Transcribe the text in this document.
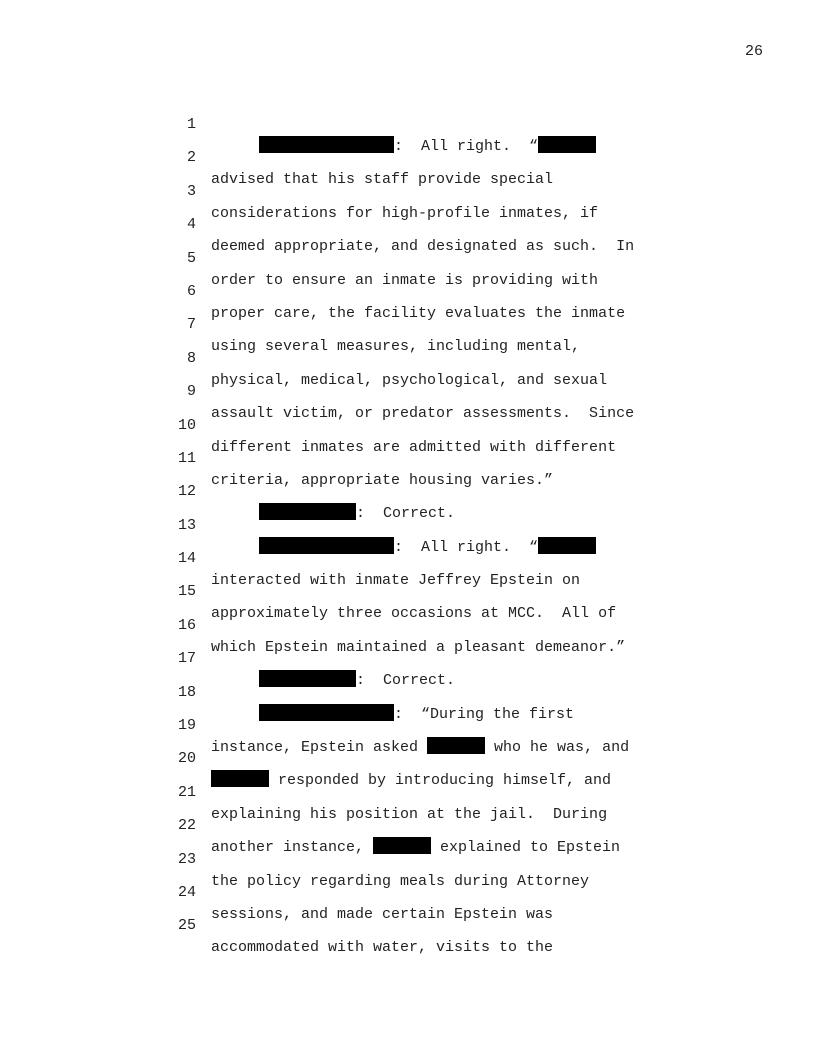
26

1

:  All right.  “

2

advised that his staff provide special

3

considerations for high-profile inmates, if

4

deemed appropriate, and designated as such.  In

5

order to ensure an inmate is providing with

6

proper care, the facility evaluates the inmate

7

using several measures, including mental,

8

physical, medical, psychological, and sexual

9

assault victim, or predator assessments.  Since

10

different inmates are admitted with different

11

criteria, appropriate housing varies.”

12

:  Correct.

13

:  All right.  “

14

interacted with inmate Jeffrey Epstein on

15

approximately three occasions at MCC.  All of

16

which Epstein maintained a pleasant demeanor.”

17

:  Correct.

18

:  “During the first

19

instance, Epstein asked	who he was, and

20

responded by introducing himself, and

21

explaining his position at the jail.  During

22

another instance,	explained to Epstein

23

the policy regarding meals during Attorney

24

sessions, and made certain Epstein was

25

accommodated with water, visits to the
